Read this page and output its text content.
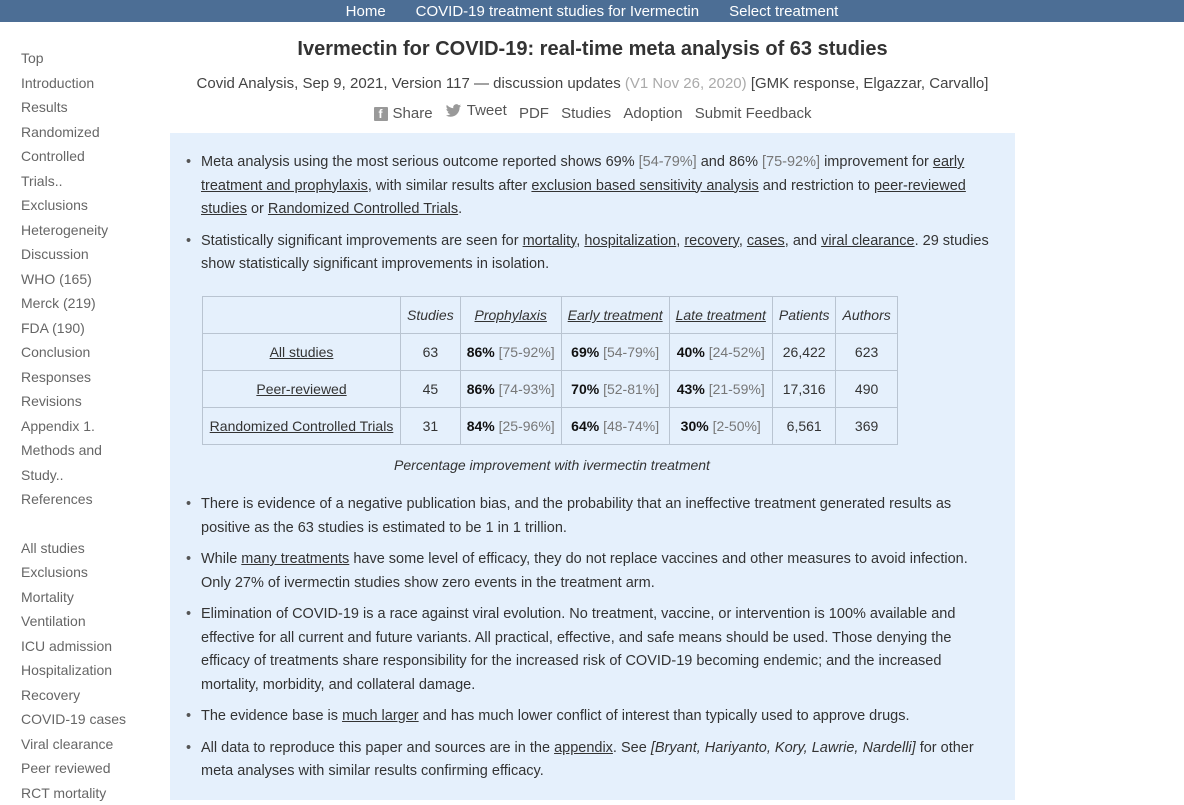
Home COVID-19 treatment studies for Ivermectin Select treatment
Top
Introduction
Results
Randomized
Controlled
Trials..
Exclusions
Heterogeneity
Discussion
WHO (165)
Merck (219)
FDA (190)
Conclusion
Responses
Revisions
Appendix 1.
Methods and
Study..
References
All studies
Exclusions
Mortality
Ventilation
ICU admission
Hospitalization
Recovery
COVID-19 cases
Viral clearance
Peer reviewed
RCT mortality
Ivermectin for COVID-19: real-time meta analysis of 63 studies
Covid Analysis, Sep 9, 2021, Version 117 — discussion updates (V1 Nov 26, 2020) [GMK response, Elgazzar, Carvallo]
f Share
Tweet PDF Studies Adoption Submit Feedback
• Meta analysis using the most serious outcome reported shows 69% [54-79%] and 86% [75-92%] improvement for early treatment and prophylaxis, with similar results after exclusion based sensitivity analysis and restriction to peer-reviewed studies or Randomized Controlled Trials.
• Statistically significant improvements are seen for mortality, hospitalization, recovery, cases, and viral clearance. 29 studies show statistically significant improvements in isolation.
	Studies	Prophylaxis	Early treatment	Late treatment	Patients	Authors
All studies	63	86% [75-92%]	69% [54-79%]	40% [24-52%]	26,422	623
Peer-reviewed	45	86% [74-93%]	70% [52-81%]	43% [21-59%]	17,316	490
Randomized Controlled Trials	31	84% [25-96%]	64% [48-74%]	30% [2-50%]	6,561	369
Percentage improvement with ivermectin treatment
• There is evidence of a negative publication bias, and the probability that an ineffective treatment generated results as positive as the 63 studies is estimated to be 1 in 1 trillion.
• While many treatments have some level of efficacy, they do not replace vaccines and other measures to avoid infection. Only 27% of ivermectin studies show zero events in the treatment arm.
• Elimination of COVID-19 is a race against viral evolution. No treatment, vaccine, or intervention is 100% available and effective for all current and future variants. All practical, effective, and safe means should be used. Those denying the efficacy of treatments share responsibility for the increased risk of COVID-19 becoming endemic; and the increased mortality, morbidity, and collateral damage.
• The evidence base is much larger and has much lower conflict of interest than typically used to approve drugs.
• All data to reproduce this paper and sources are in the appendix. See [Bryant, Hariyanto, Kory, Lawrie, Nardelli] for other meta analyses with similar results confirming efficacy.
